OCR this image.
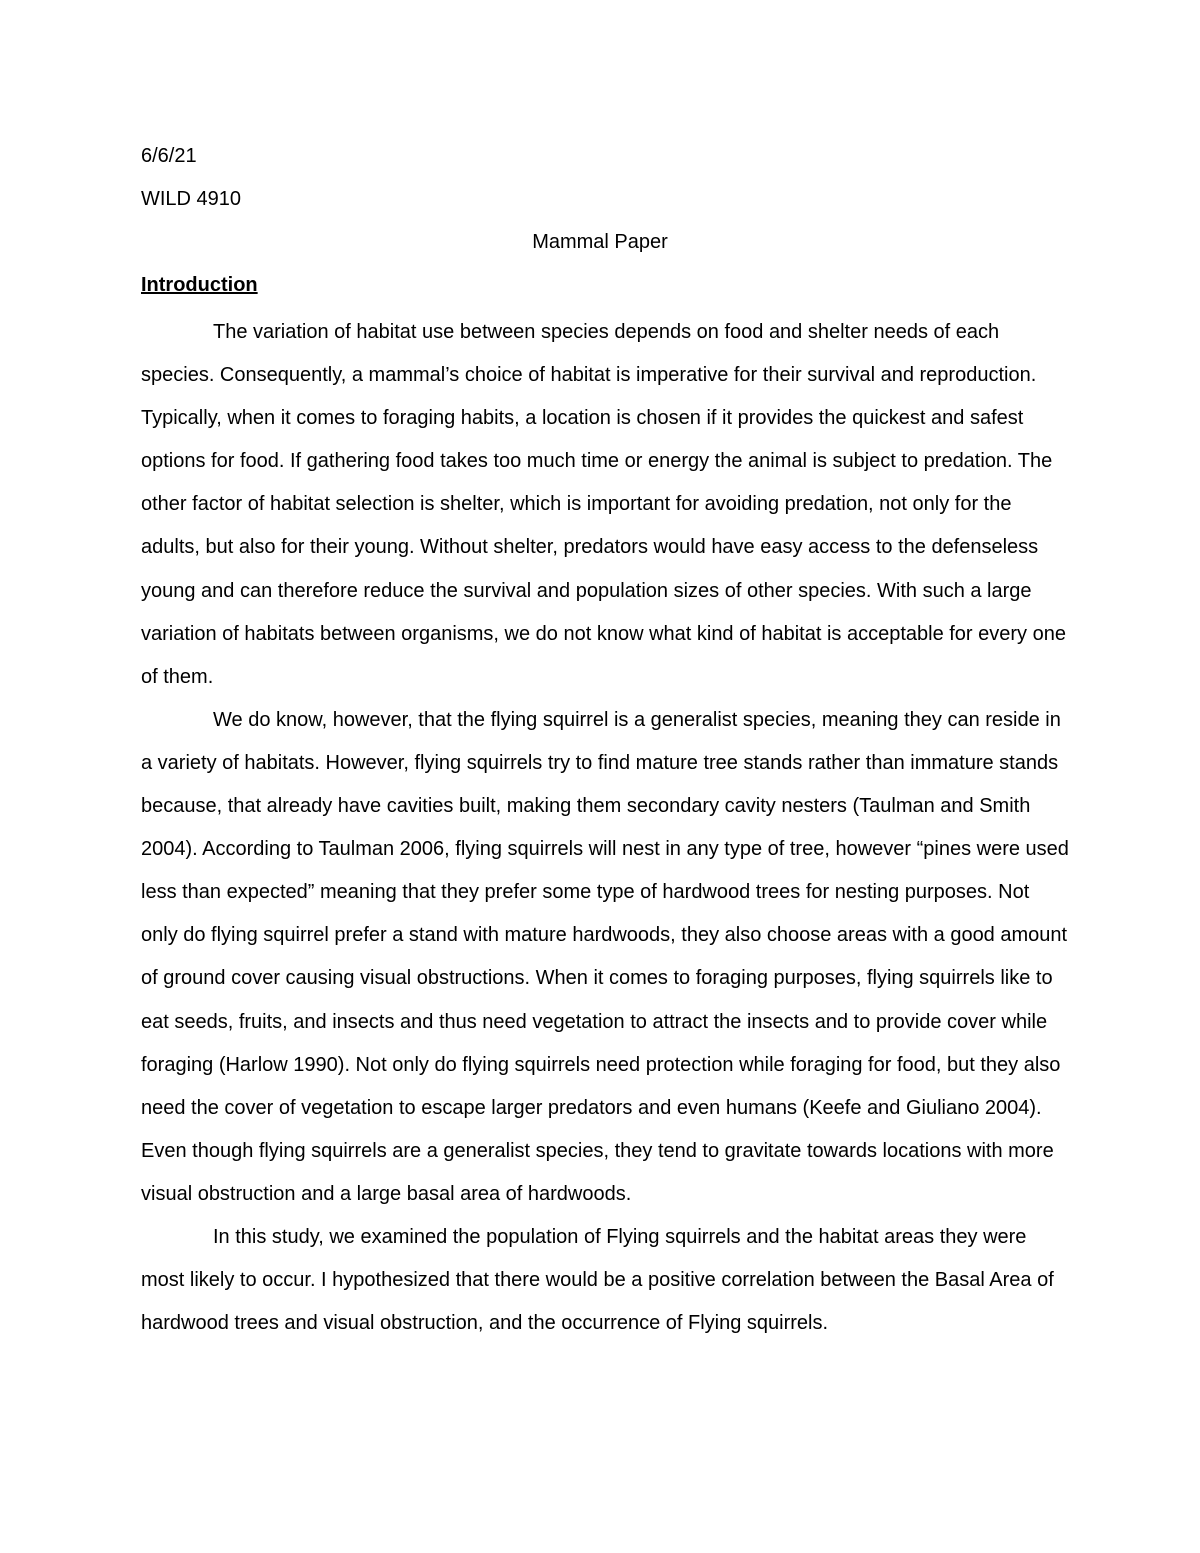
6/6/21
WILD 4910
Mammal Paper
Introduction

The variation of habitat use between species depends on food and shelter needs of each species. Consequently, a mammal’s choice of habitat is imperative for their survival and reproduction. Typically, when it comes to foraging habits, a location is chosen if it provides the quickest and safest options for food. If gathering food takes too much time or energy the animal is subject to predation. The other factor of habitat selection is shelter, which is important for avoiding predation, not only for the adults, but also for their young. Without shelter, predators would have easy access to the defenseless young and can therefore reduce the survival and population sizes of other species. With such a large variation of habitats between organisms, we do not know what kind of habitat is acceptable for every one of them.

We do know, however, that the flying squirrel is a generalist species, meaning they can reside in a variety of habitats. However, flying squirrels try to find mature tree stands rather than immature stands because, that already have cavities built, making them secondary cavity nesters (Taulman and Smith 2004). According to Taulman 2006, flying squirrels will nest in any type of tree, however “pines were used less than expected” meaning that they prefer some type of hardwood trees for nesting purposes. Not only do flying squirrel prefer a stand with mature hardwoods, they also choose areas with a good amount of ground cover causing visual obstructions. When it comes to foraging purposes, flying squirrels like to eat seeds, fruits, and insects and thus need vegetation to attract the insects and to provide cover while foraging (Harlow 1990). Not only do flying squirrels need protection while foraging for food, but they also need the cover of vegetation to escape larger predators and even humans (Keefe and Giuliano 2004). Even though flying squirrels are a generalist species, they tend to gravitate towards locations with more visual obstruction and a large basal area of hardwoods.

In this study, we examined the population of Flying squirrels and the habitat areas they were most likely to occur. I hypothesized that there would be a positive correlation between the Basal Area of hardwood trees and visual obstruction, and the occurrence of Flying squirrels.
